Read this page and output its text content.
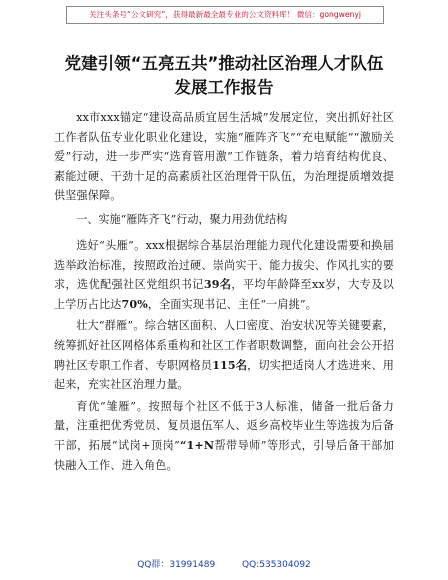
关注头条号“公文研究”，获得最新最全最专业的公文资料库！ 微信：gongwenyj
党建引领“五亮五共”推动社区治理人才队伍
发展工作报告

xx市xxx锚定“建设高品质宜居生活城”发展定位，突出抓好社区工作者队伍专业化职业化建设，实施“雁阵齐飞”“充电赋能”“激励关爱”行动，进一步严实“选育管用激”工作链条，着力培育结构优良、素能过硬、干劲十足的高素质社区治理骨干队伍，为治理提质增效提供坚强保障。

一、实施“雁阵齐飞”行动，聚力用劲优结构

选好“头雁”。xxx根据综合基层治理能力现代化建设需要和换届选举政治标准，按照政治过硬、崇尚实干、能力拔尖、作风扎实的要求，选优配强社区党组织书记39名，平均年龄降至xx岁，大专及以上学历占比达70%，全面实现书记、主任“一肩挑”。

壮大“群雁”。综合辖区面积、人口密度、治安状况等关键要素，统筹抓好社区网格体系重构和社区工作者职数调整，面向社会公开招聘社区专职工作者、专职网格员115名，切实把适岗人才选进来、用起来，充实社区治理力量。

育优“雏雁”。按照每个社区不低于3人标准，储备一批后备力量，注重把优秀党员、复员退伍军人、返乡高校毕业生等选拔为后备干部，拓展“试岗+顶岗”“1+N帮带导师”等形式，引导后备干部加快融入工作、进入角色。

QQ群：31991489	QQ:535304092
